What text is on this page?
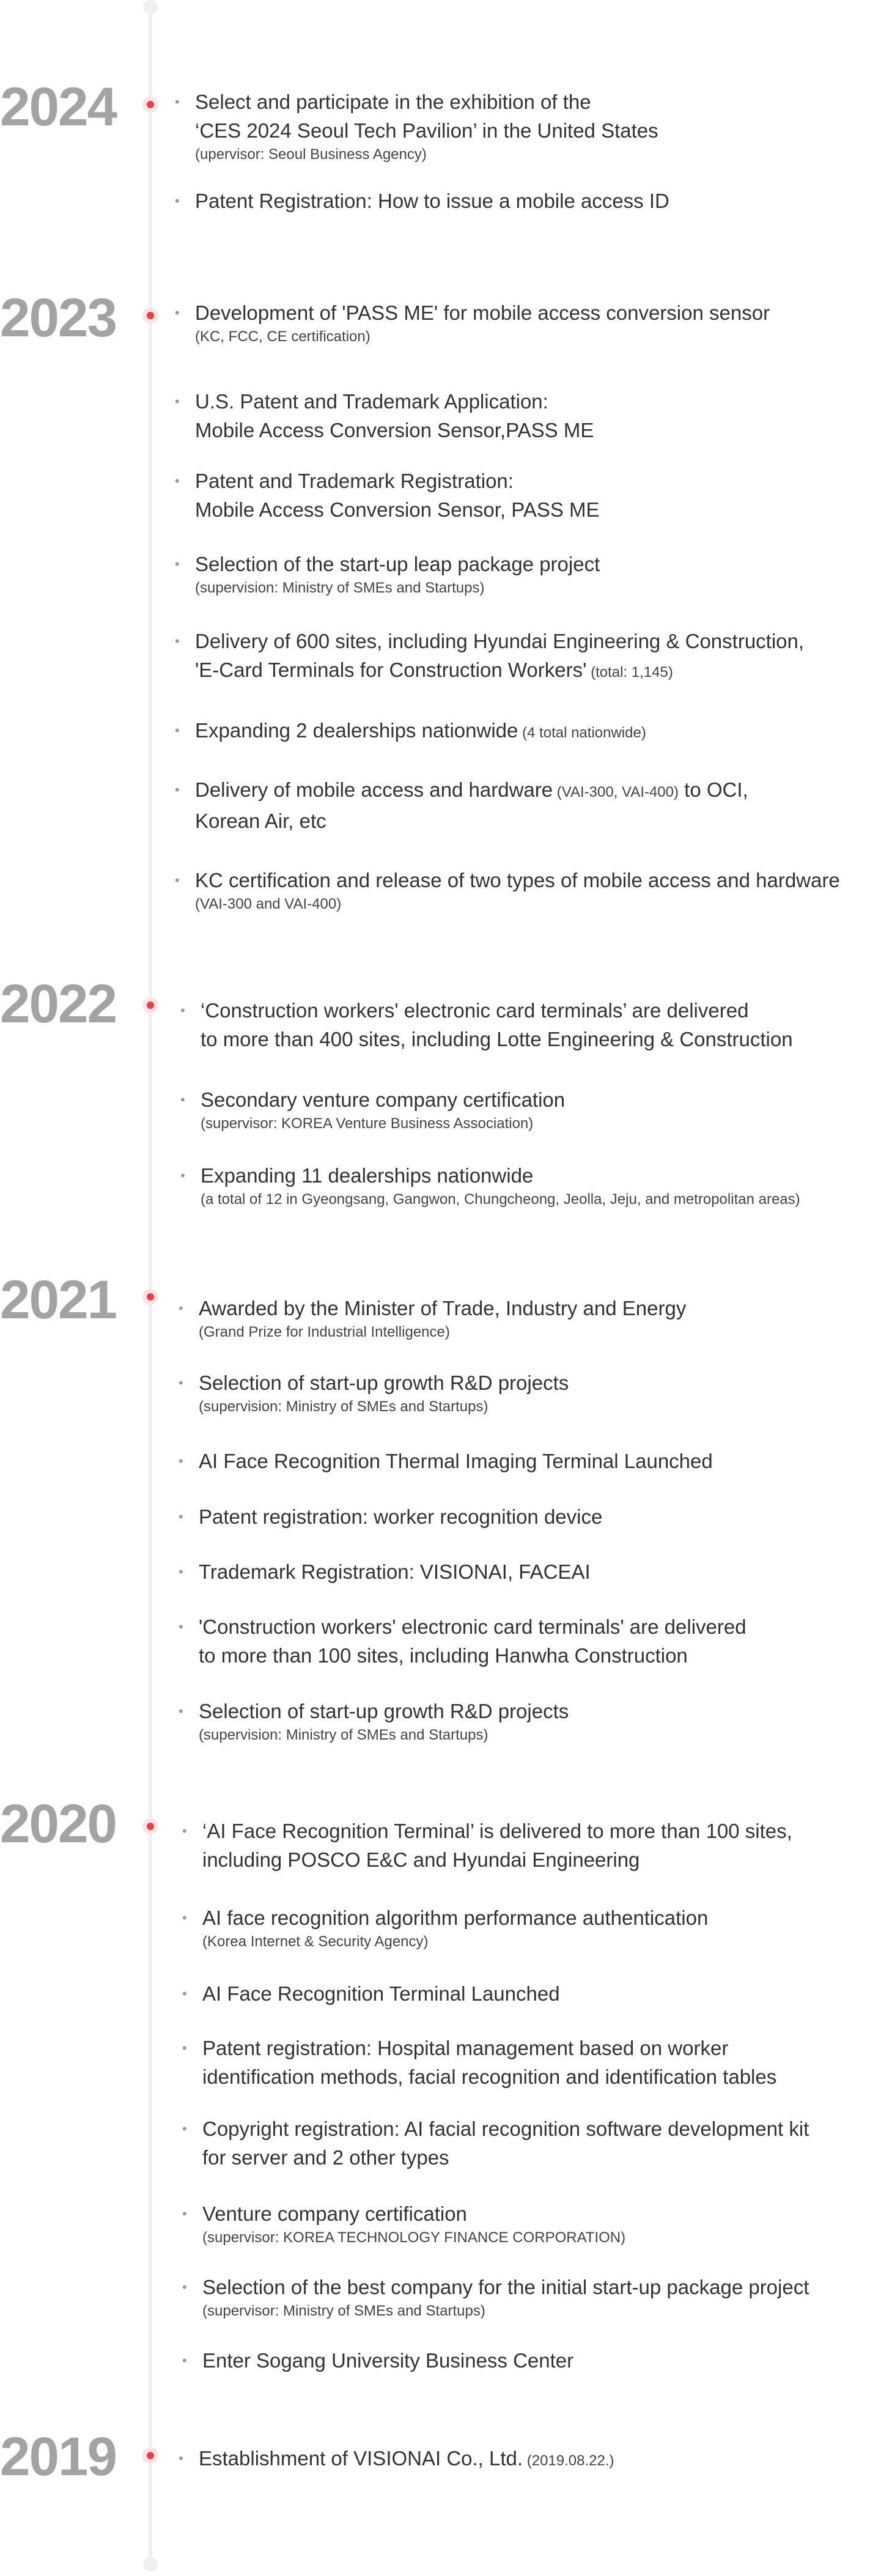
2024	• Select and participate in the exhibition of the
‘CES 2024 Seoul Tech Pavilion’ in the United States
(upervisor: Seoul Business Agency)
• Patent Registration: How to issue a mobile access ID
2023	• Development of 'PASS ME' for mobile access conversion sensor
(KC, FCC, CE certification)
• U.S. Patent and Trademark Application:
Mobile Access Conversion Sensor,PASS ME
• Patent and Trademark Registration:
Mobile Access Conversion Sensor, PASS ME
• Selection of the start-up leap package project
(supervision: Ministry of SMEs and Startups)
• Delivery of 600 sites, including Hyundai Engineering & Construction,
'E-Card Terminals for Construction Workers' (total: 1,145)
• Expanding 2 dealerships nationwide (4 total nationwide)
• Delivery of mobile access and hardware (VAI-300, VAI-400) to OCI,
Korean Air, etc
• KC certification and release of two types of mobile access and hardware
(VAI-300 and VAI-400)
2022	• ‘Construction workers' electronic card terminals’ are delivered
to more than 400 sites, including Lotte Engineering & Construction
• Secondary venture company certification
(supervisor: KOREA Venture Business Association)
• Expanding 11 dealerships nationwide
(a total of 12 in Gyeongsang, Gangwon, Chungcheong, Jeolla, Jeju, and metropolitan areas)
2021	• Awarded by the Minister of Trade, Industry and Energy
(Grand Prize for Industrial Intelligence)
• Selection of start-up growth R&D projects
(supervision: Ministry of SMEs and Startups)
• AI Face Recognition Thermal Imaging Terminal Launched
• Patent registration: worker recognition device
• Trademark Registration: VISIONAI, FACEAI
• 'Construction workers' electronic card terminals' are delivered
to more than 100 sites, including Hanwha Construction
• Selection of start-up growth R&D projects
(supervision: Ministry of SMEs and Startups)
2020	• ‘AI Face Recognition Terminal’ is delivered to more than 100 sites,
including POSCO E&C and Hyundai Engineering
• AI face recognition algorithm performance authentication
(Korea Internet & Security Agency)
• AI Face Recognition Terminal Launched
• Patent registration: Hospital management based on worker
identification methods, facial recognition and identification tables
• Copyright registration: AI facial recognition software development kit
for server and 2 other types
• Venture company certification
(supervisor: KOREA TECHNOLOGY FINANCE CORPORATION)
• Selection of the best company for the initial start-up package project
(supervisor: Ministry of SMEs and Startups)
• Enter Sogang University Business Center
2019	• Establishment of VISIONAI Co., Ltd. (2019.08.22.)
